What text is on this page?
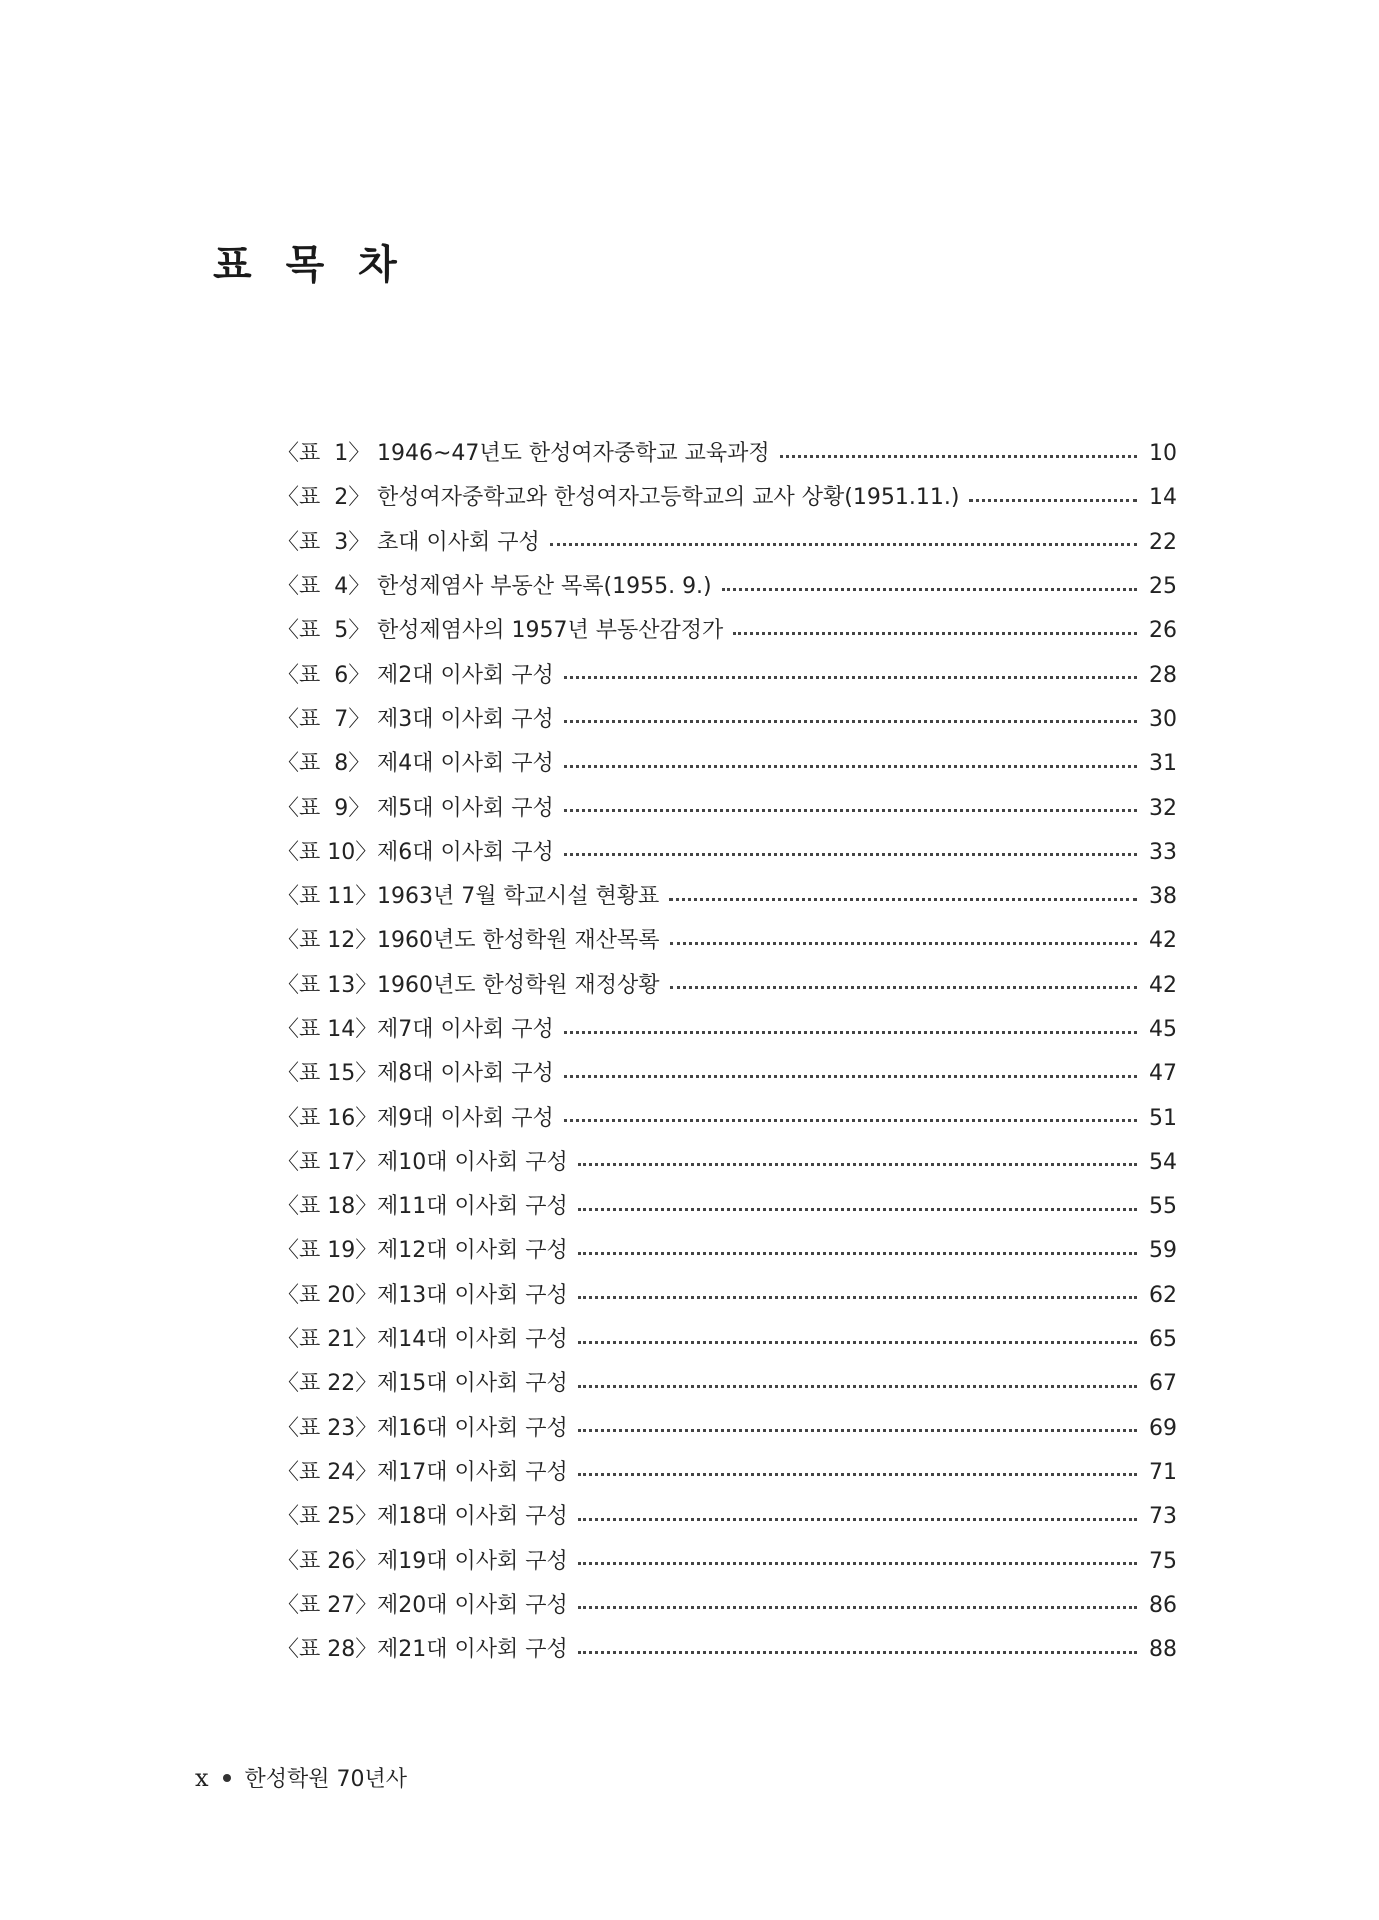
표 목 차
〈표  1〉 1946~47년도 한성여자중학교 교육과정	10
〈표  2〉 한성여자중학교와 한성여자고등학교의 교사 상황(1951.11.)	14
〈표  3〉 초대 이사회 구성	22
〈표  4〉 한성제염사 부동산 목록(1955. 9.)	25
〈표  5〉 한성제염사의 1957년 부동산감정가	26
〈표  6〉 제2대 이사회 구성	28
〈표  7〉 제3대 이사회 구성	30
〈표  8〉 제4대 이사회 구성	31
〈표  9〉 제5대 이사회 구성	32
〈표 10〉 제6대 이사회 구성	33
〈표 11〉 1963년 7월 학교시설 현황표	38
〈표 12〉 1960년도 한성학원 재산목록	42
〈표 13〉 1960년도 한성학원 재정상황	42
〈표 14〉 제7대 이사회 구성	45
〈표 15〉 제8대 이사회 구성	47
〈표 16〉 제9대 이사회 구성	51
〈표 17〉 제10대 이사회 구성	54
〈표 18〉 제11대 이사회 구성	55
〈표 19〉 제12대 이사회 구성	59
〈표 20〉 제13대 이사회 구성	62
〈표 21〉 제14대 이사회 구성	65
〈표 22〉 제15대 이사회 구성	67
〈표 23〉 제16대 이사회 구성	69
〈표 24〉 제17대 이사회 구성	71
〈표 25〉 제18대 이사회 구성	73
〈표 26〉 제19대 이사회 구성	75
〈표 27〉 제20대 이사회 구성	86
〈표 28〉 제21대 이사회 구성	88
x 한성학원 70년사
